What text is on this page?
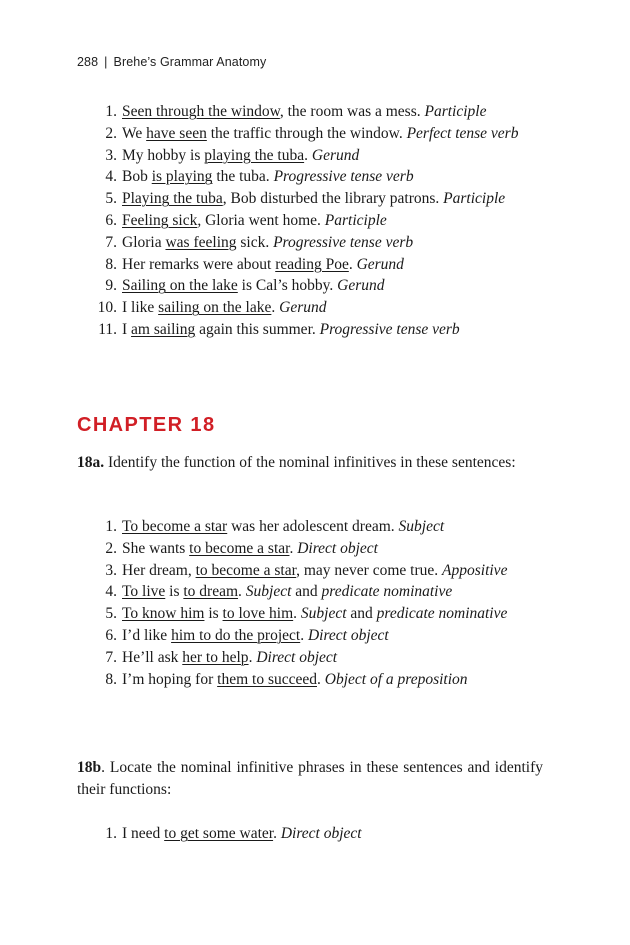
288 | Brehe’s Grammar Anatomy
1. Seen through the window, the room was a mess. Participle
2. We have seen the traffic through the window. Perfect tense verb
3. My hobby is playing the tuba. Gerund
4. Bob is playing the tuba. Progressive tense verb
5. Playing the tuba, Bob disturbed the library patrons. Participle
6. Feeling sick, Gloria went home. Participle
7. Gloria was feeling sick. Progressive tense verb
8. Her remarks were about reading Poe. Gerund
9. Sailing on the lake is Cal’s hobby. Gerund
10. I like sailing on the lake. Gerund
11. I am sailing again this summer. Progressive tense verb
CHAPTER 18

18a. Identify the function of the nominal infinitives in these sentences:

1. To become a star was her adolescent dream. Subject
2. She wants to become a star. Direct object
3. Her dream, to become a star, may never come true. Appositive
4. To live is to dream. Subject and predicate nominative
5. To know him is to love him. Subject and predicate nominative
6. I’d like him to do the project. Direct object
7. He’ll ask her to help. Direct object
8. I’m hoping for them to succeed. Object of a preposition

18b. Locate the nominal infinitive phrases in these sentences and identify their functions:

1. I need to get some water. Direct object
